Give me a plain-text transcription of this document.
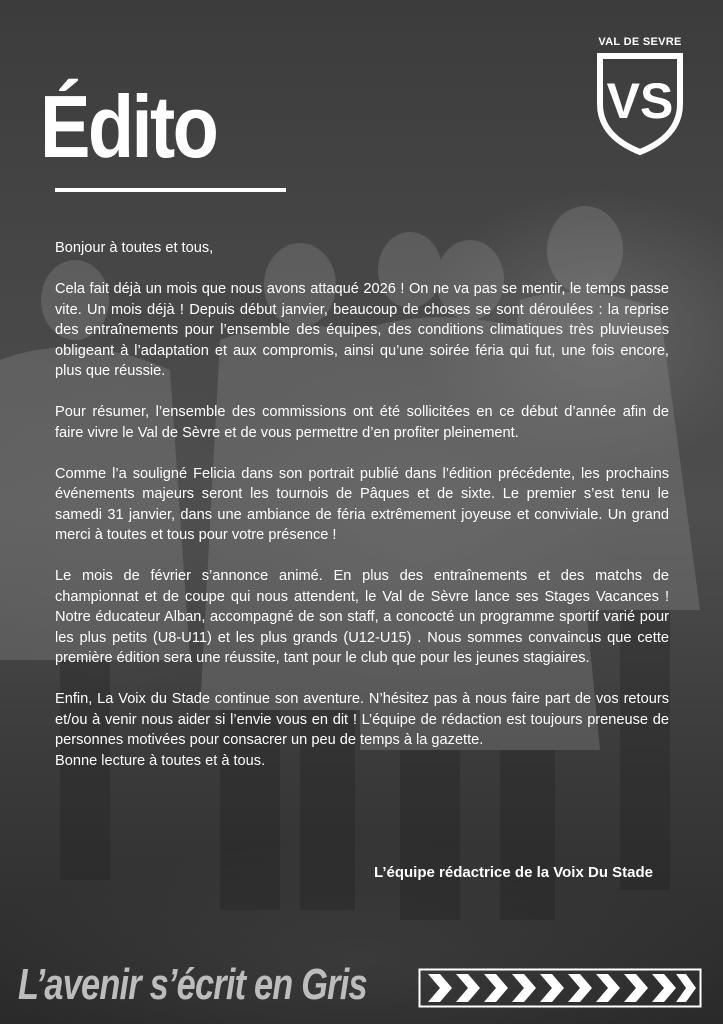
Édito
VAL DE SEVRE
VS

Bonjour à toutes et tous,

Cela fait déjà un mois que nous avons attaqué 2026 ! On ne va pas se mentir, le temps passe vite. Un mois déjà ! Depuis début janvier, beaucoup de choses se sont déroulées : la reprise des entraînements pour l’ensemble des équipes, des conditions climatiques très pluvieuses obligeant à l’adaptation et aux compromis, ainsi qu’une soirée féria qui fut, une fois encore, plus que réussie.

Pour résumer, l’ensemble des commissions ont été sollicitées en ce début d’année afin de faire vivre le Val de Sèvre et de vous permettre d’en profiter pleinement.

Comme l’a souligné Felicia dans son portrait publié dans l’édition précédente, les prochains événements majeurs seront les tournois de Pâques et de sixte. Le premier s’est tenu le samedi 31 janvier, dans une ambiance de féria extrêmement joyeuse et conviviale. Un grand merci à toutes et tous pour votre présence !

Le mois de février s’annonce animé. En plus des entraînements et des matchs de championnat et de coupe qui nous attendent, le Val de Sèvre lance ses Stages Vacances ! Notre éducateur Alban, accompagné de son staff, a concocté un programme sportif varié pour les plus petits (U8-U11) et les plus grands (U12-U15) . Nous sommes convaincus que cette première édition sera une réussite, tant pour le club que pour les jeunes stagiaires.

Enfin, La Voix du Stade continue son aventure. N’hésitez pas à nous faire part de vos retours et/ou à venir nous aider si l’envie vous en dit ! L’équipe de rédaction est toujours preneuse de personnes motivées pour consacrer un peu de temps à la gazette.

Bonne lecture à toutes et à tous.

L’équipe rédactrice de la Voix Du Stade
L’avenir s’écrit en Gris
